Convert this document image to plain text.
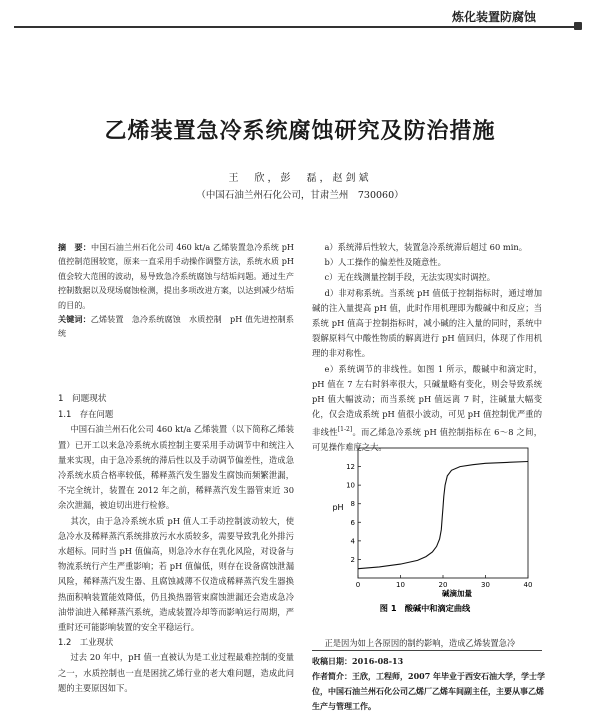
炼化装置防腐蚀
乙烯装置急冷系统腐蚀研究及防治措施
王　欣，彭　磊，赵剑斌
（中国石油兰州石化公司，甘肃兰州　730060）

摘　要：中国石油兰州石化公司 460 kt/a 乙烯装置急冷系统 pH 值控制范围较宽，原来一直采用手动操作调整方法，系统水质 pH 值会较大范围的波动，易导致急冷系统腐蚀与结垢问题。通过生产控制数据以及现场腐蚀检测，提出多项改进方案，以达到减少结垢的目的。

关键词：乙烯装置　急冷系统腐蚀　水质控制　pH 值先进控制系统

1　问题现状

1.1　存在问题

中国石油兰州石化公司 460 kt/a 乙烯装置（以下简称乙烯装置）已开工以来急冷系统水质控制主要采用手动调节中和统注入量来实现，由于急冷系统的滞后性以及手动调节偏差性，造成急冷系统水质合格率较低，稀释蒸汽发生器发生腐蚀而频繁泄漏，不完全统计，装置在 2012 年之前，稀释蒸汽发生器管束近 30 余次泄漏，被迫切出进行检修。

其次，由于急冷系统水质 pH 值人工手动控制波动较大，使急冷水及稀释蒸汽系统排放污水水质较多，需要导致乳化外排污水超标。同时当 pH 值偏高，则急冷水存在乳化风险，对设备与物流系统行产生严重影响；若 pH 值偏低，则存在设备腐蚀泄漏风险，稀释蒸汽发生器、且腐蚀减薄不仅造成稀释蒸汽发生器换热面积响装置能效降低，仍且换热器管束腐蚀泄漏还会造成急冷油带油进入稀释蒸汽系统，造成装置冷却等而影响运行周期，严重时还可能影响装置的安全平稳运行。

1.2　工业现状

过去 20 年中，pH 值一直被认为是工业过程最难控制的变量之一，水质控制也一直是困扰乙烯行业的老大难问题，造成此问题的主要原因如下。

a）系统滞后性较大，装置急冷系统滞后超过 60 min。

b）人工操作的偏差性及随意性。

c）无在线测量控制手段，无法实现实时调控。

d）非对称系统。当系统 pH 值低于控制指标时，通过增加碱的注入量提高 pH 值，此时作用机理即为酸碱中和反应；当系统 pH 值高于控制指标时，减小碱的注入量的同时，系统中裂解原料气中酸性物质的解离进行 pH 值回归，体现了作用机理的非对称性。

e）系统调节的非线性。如图 1 所示，酸碱中和滴定时，pH 值在 7 左右时斜率很大，只碱量略有变化，则会导致系统 pH 值大幅波动；而当系统 pH 值远离 7 时，注碱量大幅变化，仅会造成系统 pH 值很小波动，可见 pH 值控制优严重的非线性[1-2]。而乙烯急冷系统 pH 值控制指标在 6～8 之间，可见操作难度之大。

2
4
6
8
10
12
0	10	20	30	40
碱滴加量
图 1　酸碱中和滴定曲线
pH

正是因为如上各原因的制约影响，造成乙烯装置急冷

收稿日期：2016-08-13

作者简介：王欣，工程师，2007 年毕业于西安石油大学，学士学位，中国石油兰州石化公司乙烯厂乙烯车间副主任，主要从事乙烯生产与管理工作。
